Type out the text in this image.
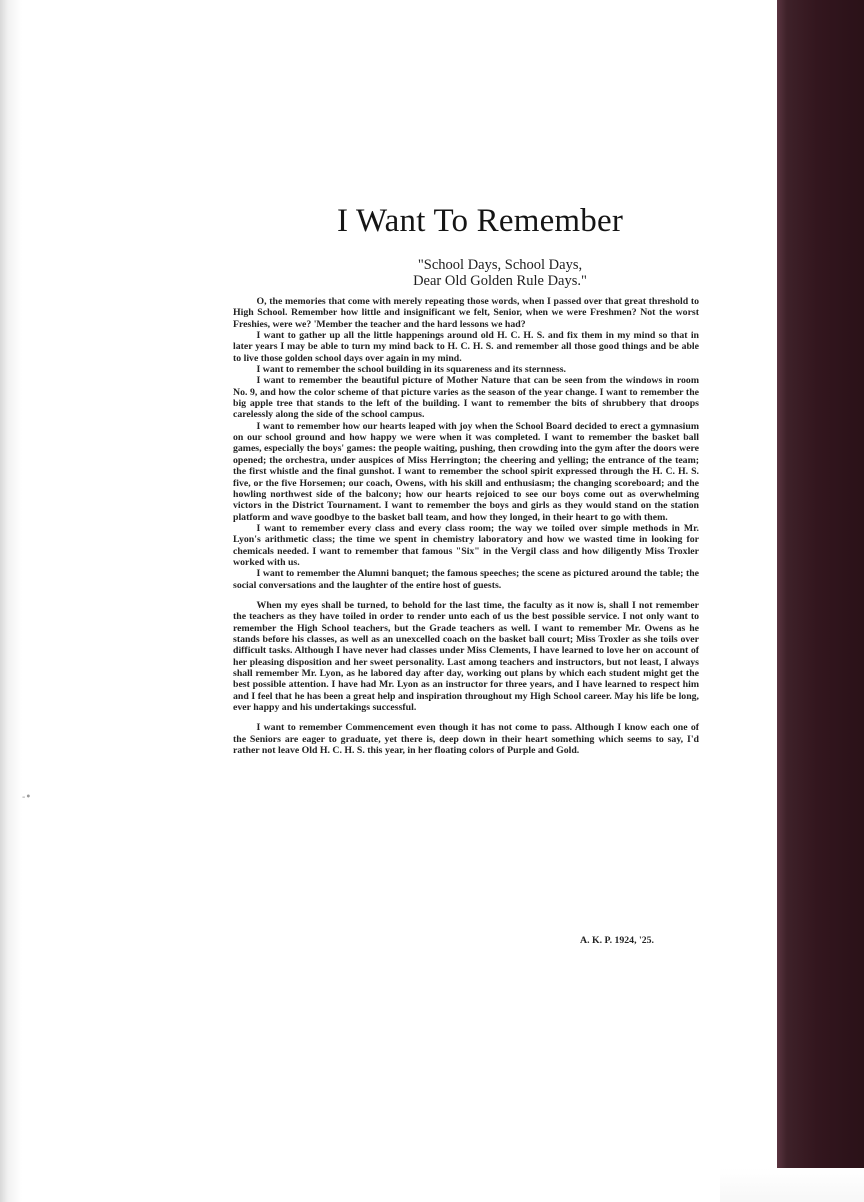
-•
I Want To Remember
"School Days, School Days,
Dear Old Golden Rule Days."

O, the memories that come with merely repeating those words, when I passed over that great threshold to High School. Remember how little and insignificant we felt, Senior, when we were Freshmen? Not the worst Freshies, were we? 'Member the teacher and the hard lessons we had?

I want to gather up all the little happenings around old H. C. H. S. and fix them in my mind so that in later years I may be able to turn my mind back to H. C. H. S. and remember all those good things and be able to live those golden school days over again in my mind.

I want to remember the school building in its squareness and its sternness.

I want to remember the beautiful picture of Mother Nature that can be seen from the windows in room No. 9, and how the color scheme of that picture varies as the season of the year change. I want to remember the big apple tree that stands to the left of the building. I want to remember the bits of shrubbery that droops carelessly along the side of the school campus.

I want to remember how our hearts leaped with joy when the School Board decided to erect a gymnasium on our school ground and how happy we were when it was completed. I want to remember the basket ball games, especially the boys' games: the people waiting, pushing, then crowding into the gym after the doors were opened; the orchestra, under auspices of Miss Herrington; the cheering and yelling; the entrance of the team; the first whistle and the final gunshot. I want to remember the school spirit expressed through the H. C. H. S. five, or the five Horsemen; our coach, Owens, with his skill and enthusiasm; the changing scoreboard; and the howling northwest side of the balcony; how our hearts rejoiced to see our boys come out as overwhelming victors in the District Tournament. I want to remember the boys and girls as they would stand on the station platform and wave goodbye to the basket ball team, and how they longed, in their heart to go with them.

I want to remember every class and every class room; the way we toiled over simple methods in Mr. Lyon's arithmetic class; the time we spent in chemistry laboratory and how we wasted time in looking for chemicals needed. I want to remember that famous "Six" in the Vergil class and how diligently Miss Troxler worked with us.

I want to remember the Alumni banquet; the famous speeches; the scene as pictured around the table; the social conversations and the laughter of the entire host of guests.

When my eyes shall be turned, to behold for the last time, the faculty as it now is, shall I not remember the teachers as they have toiled in order to render unto each of us the best possible service. I not only want to remember the High School teachers, but the Grade teachers as well. I want to remember Mr. Owens as he stands before his classes, as well as an unexcelled coach on the basket ball court; Miss Troxler as she toils over difficult tasks. Although I have never had classes under Miss Clements, I have learned to love her on account of her pleasing disposition and her sweet personality. Last among teachers and instructors, but not least, I always shall remember Mr. Lyon, as he labored day after day, working out plans by which each student might get the best possible attention. I have had Mr. Lyon as an instructor for three years, and I have learned to respect him and I feel that he has been a great help and inspiration throughout my High School career. May his life be long, ever happy and his undertakings successful.

I want to remember Commencement even though it has not come to pass. Although I know each one of the Seniors are eager to graduate, yet there is, deep down in their heart something which seems to say, I'd rather not leave Old H. C. H. S. this year, in her floating colors of Purple and Gold.

A. K. P. 1924, '25.
